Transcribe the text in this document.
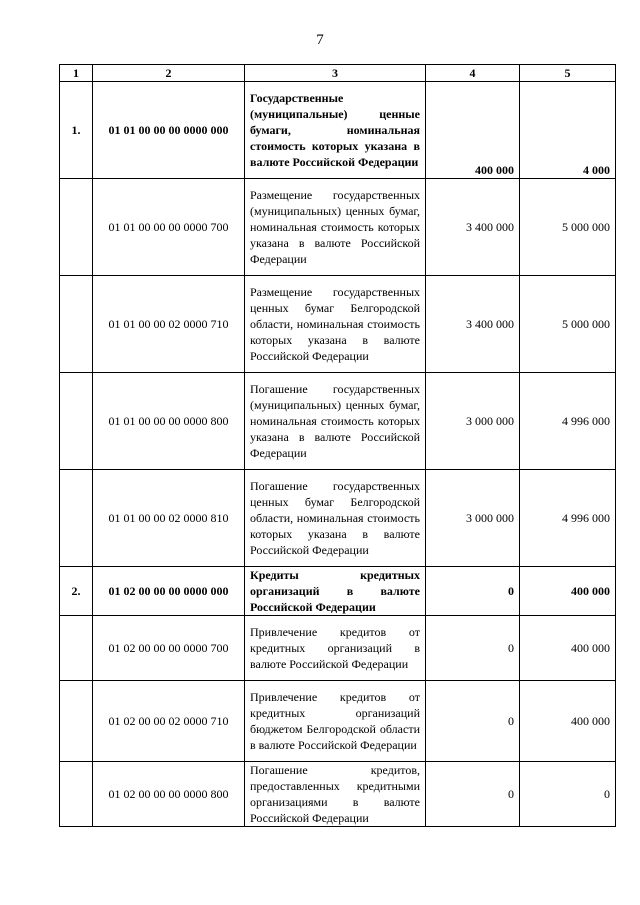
7
1	2	3	4	5
1.	01 01 00 00 00 0000 000	Государственные (муниципальные) ценные бумаги, номинальная стоимость которых указана в валюте Российской Федерации	400 000	4 000
	01 01 00 00 00 0000 700	Размещение государственных (муниципальных) ценных бумаг, номинальная стоимость которых указана в валюте Российской Федерации	3 400 000	5 000 000
	01 01 00 00 02 0000 710	Размещение государственных ценных бумаг Белгородской области, номинальная стоимость которых указана в валюте Российской Федерации	3 400 000	5 000 000
	01 01 00 00 00 0000 800	Погашение государственных (муниципальных) ценных бумаг, номинальная стоимость которых указана в валюте Российской Федерации	3 000 000	4 996 000
	01 01 00 00 02 0000 810	Погашение государственных ценных бумаг Белгородской области, номинальная стоимость которых указана в валюте Российской Федерации	3 000 000	4 996 000
2.	01 02 00 00 00 0000 000	Кредиты кредитных организаций в валюте Российской Федерации	0	400 000
	01 02 00 00 00 0000 700	Привлечение кредитов от кредитных организаций в валюте Российской Федерации	0	400 000
	01 02 00 00 02 0000 710	Привлечение кредитов от кредитных организаций бюджетом Белгородской области в валюте Российской Федерации	0	400 000
	01 02 00 00 00 0000 800	Погашение кредитов, предоставленных кредитными организациями в валюте Российской Федерации	0	0
